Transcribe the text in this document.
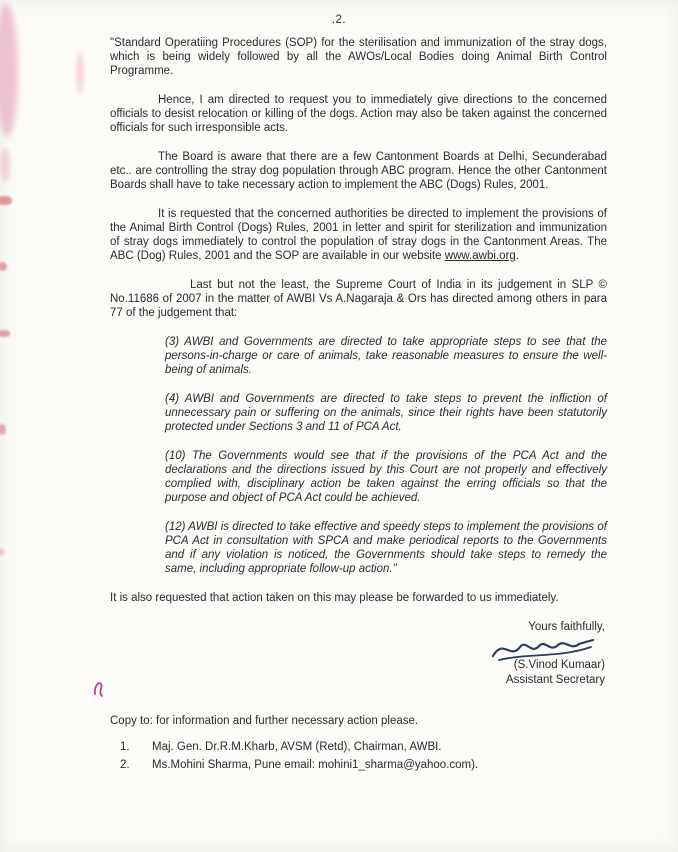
.2.

"Standard Operatiing Procedures (SOP) for the sterilisation and immunization of the stray dogs, which is being widely followed by all the AWOs/Local Bodies doing Animal Birth Control Programme.

Hence, I am directed to request you to immediately give directions to the concerned officials to desist relocation or killing of the dogs. Action may also be taken against the concerned officials for such irresponsible acts.

The Board is aware that there are a few Cantonment Boards at Delhi, Secunderabad etc.. are controlling the stray dog population through ABC program. Hence the other Cantonment Boards shall have to take necessary action to implement the ABC (Dogs) Rules, 2001.

It is requested that the concerned authorities be directed to implement the provisions of the Animal Birth Control (Dogs) Rules, 2001 in letter and spirit for sterilization and immunization of stray dogs immediately to control the population of stray dogs in the Cantonment Areas. The ABC (Dog) Rules, 2001 and the SOP are available in our website www.awbi.org.

Last but not the least, the Supreme Court of India in its judgement in SLP © No.11686 of 2007 in the matter of AWBI Vs A.Nagaraja & Ors has directed among others in para 77 of the judgement that:

(3) AWBI and Governments are directed to take appropriate steps to see that the persons-in-charge or care of animals, take reasonable measures to ensure the well-being of animals.
(4) AWBI and Governments are directed to take steps to prevent the infliction of unnecessary pain or suffering on the animals, since their rights have been statutorily protected under Sections 3 and 11 of PCA Act.
(10) The Governments would see that if the provisions of the PCA Act and the declarations and the directions issued by this Court are not properly and effectively complied with, disciplinary action be taken against the erring officials so that the purpose and object of PCA Act could be achieved.
(12) AWBI is directed to take effective and speedy steps to implement the provisions of PCA Act in consultation with SPCA and make periodical reports to the Governments and if any violation is noticed, the Governments should take steps to remedy the same, including appropriate follow-up action."

It is also requested that action taken on this may please be forwarded to us immediately.

Yours faithfully,
(S.Vinod Kumaar)
Assistant Secretary

Copy to: for information and further necessary action please.

1.	Maj. Gen. Dr.R.M.Kharb, AVSM (Retd), Chairman, AWBI.
2.	Ms.Mohini Sharma, Pune email: mohini1_sharma@yahoo.com).
